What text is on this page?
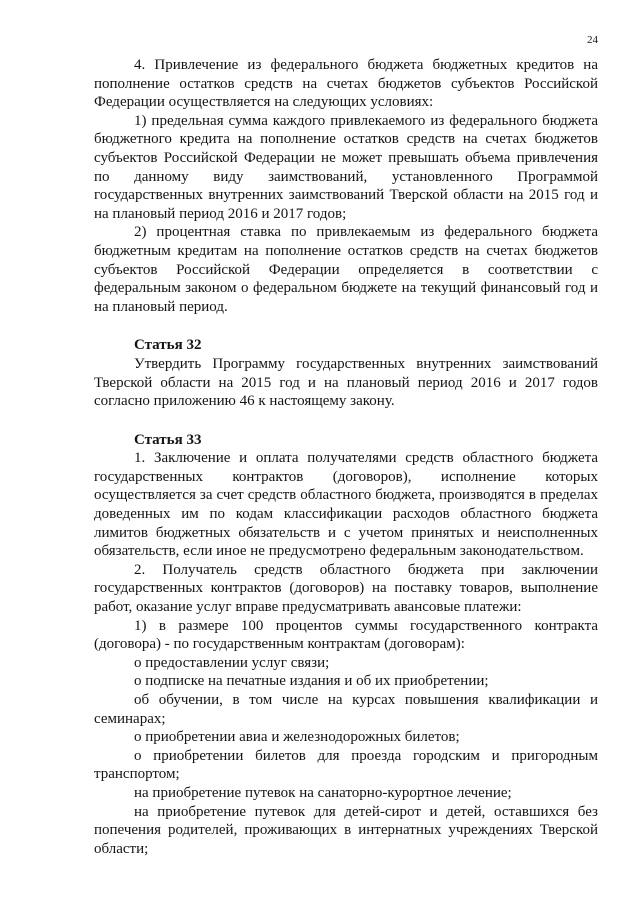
24

4. Привлечение из федерального бюджета бюджетных кредитов на пополнение остатков средств на счетах бюджетов субъектов Российской Федерации осуществляется на следующих условиях:

1) предельная сумма каждого привлекаемого из федерального бюджета бюджетного кредита на пополнение остатков средств на счетах бюджетов субъектов Российской Федерации не может превышать объема привлечения по данному виду заимствований, установленного Программой государственных внутренних заимствований Тверской области на 2015 год и на плановый период 2016 и 2017 годов;

2) процентная ставка по привлекаемым из федерального бюджета бюджетным кредитам на пополнение остатков средств на счетах бюджетов субъектов Российской Федерации определяется в соответствии с федеральным законом о федеральном бюджете на текущий финансовый год и на плановый период.

Статья 32

Утвердить Программу государственных внутренних заимствований Тверской области на 2015 год и на плановый период 2016 и 2017 годов согласно приложению 46 к настоящему закону.

Статья 33

1. Заключение и оплата получателями средств областного бюджета государственных контрактов (договоров), исполнение которых осуществляется за счет средств областного бюджета, производятся в пределах доведенных им по кодам классификации расходов областного бюджета лимитов бюджетных обязательств и с учетом принятых и неисполненных обязательств, если иное не предусмотрено федеральным законодательством.

2. Получатель средств областного бюджета при заключении государственных контрактов (договоров) на поставку товаров, выполнение работ, оказание услуг вправе предусматривать авансовые платежи:

1) в размере 100 процентов суммы государственного контракта (договора) - по государственным контрактам (договорам):

о предоставлении услуг связи;

о подписке на печатные издания и об их приобретении;

об обучении, в том числе на курсах повышения квалификации и семинарах;

о приобретении авиа и железнодорожных билетов;

о приобретении билетов для проезда городским и пригородным транспортом;

на приобретение путевок на санаторно-курортное лечение;

на приобретение путевок для детей-сирот и детей, оставшихся без попечения родителей, проживающих в интернатных учреждениях Тверской области;
